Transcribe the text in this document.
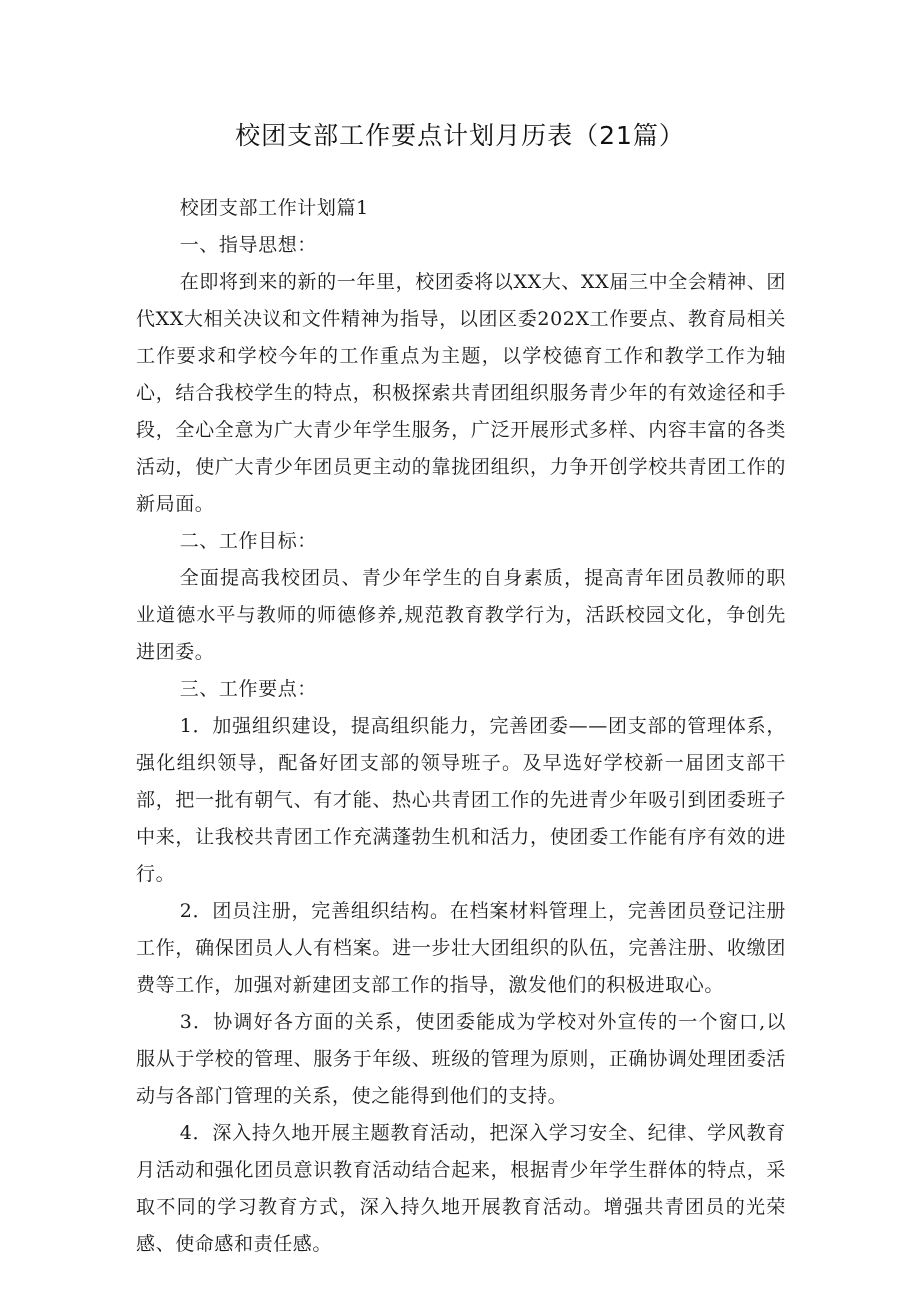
校团支部工作要点计划月历表（21篇）

校团支部工作计划篇1

一、指导思想：

在即将到来的新的一年里，校团委将以XX大、XX届三中全会精神、团代XX大相关决议和文件精神为指导，以团区委202X工作要点、教育局相关工作要求和学校今年的工作重点为主题，以学校德育工作和教学工作为轴心，结合我校学生的特点，积极探索共青团组织服务青少年的有效途径和手段，全心全意为广大青少年学生服务，广泛开展形式多样、内容丰富的各类活动，使广大青少年团员更主动的靠拢团组织，力争开创学校共青团工作的新局面。

二、工作目标：

全面提高我校团员、青少年学生的自身素质，提高青年团员教师的职业道德水平与教师的师德修养,规范教育教学行为，活跃校园文化，争创先进团委。

三、工作要点：

1．加强组织建设，提高组织能力，完善团委——团支部的管理体系，强化组织领导，配备好团支部的领导班子。及早选好学校新一届团支部干部，把一批有朝气、有才能、热心共青团工作的先进青少年吸引到团委班子中来，让我校共青团工作充满蓬勃生机和活力，使团委工作能有序有效的进行。

2．团员注册，完善组织结构。在档案材料管理上，完善团员登记注册工作，确保团员人人有档案。进一步壮大团组织的队伍，完善注册、收缴团费等工作，加强对新建团支部工作的指导，激发他们的积极进取心。

3．协调好各方面的关系，使团委能成为学校对外宣传的一个窗口,以服从于学校的管理、服务于年级、班级的管理为原则，正确协调处理团委活动与各部门管理的关系，使之能得到他们的支持。

4．深入持久地开展主题教育活动，把深入学习安全、纪律、学风教育月活动和强化团员意识教育活动结合起来，根据青少年学生群体的特点，采取不同的学习教育方式，深入持久地开展教育活动。增强共青团员的光荣感、使命感和责任感。
